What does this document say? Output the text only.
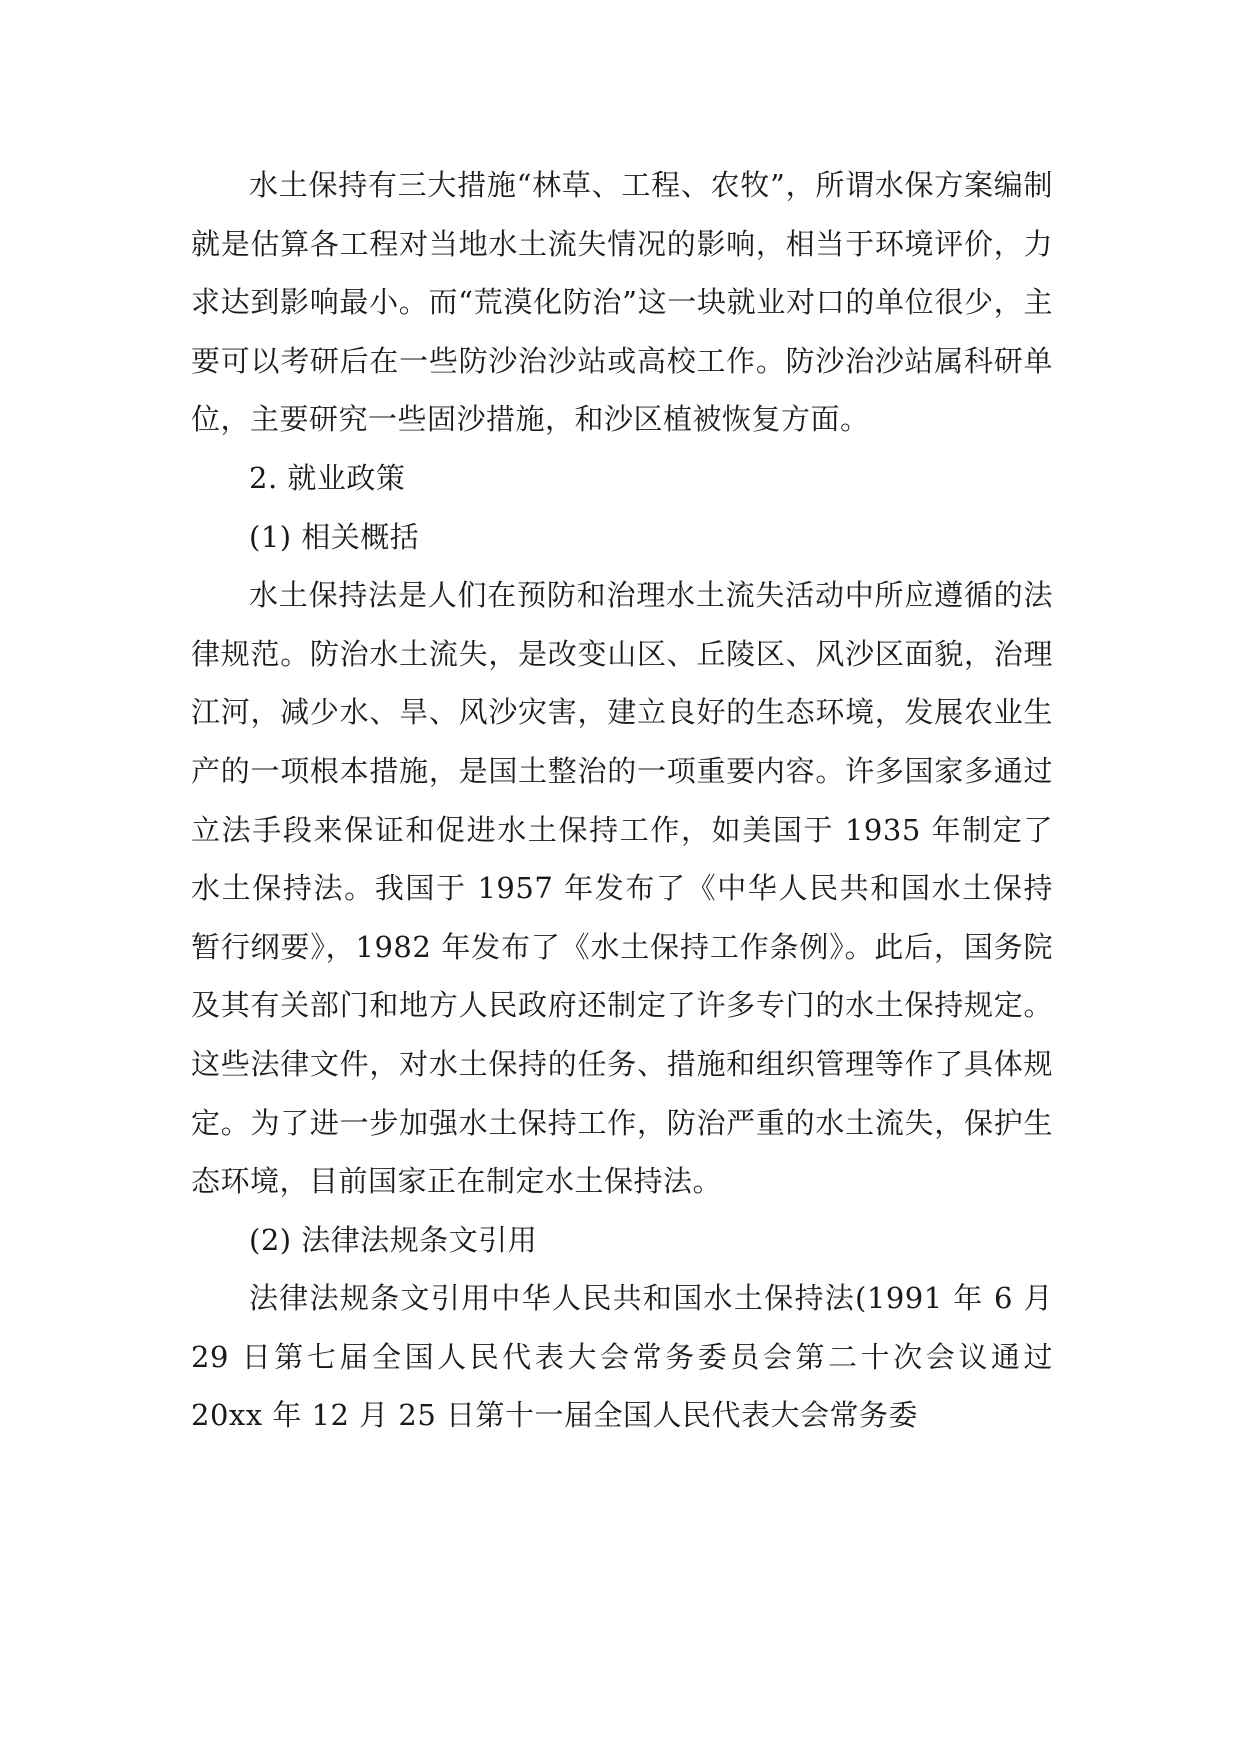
水土保持有三大措施“林草、工程、农牧”，所谓水保方案编制就是估算各工程对当地水土流失情况的影响，相当于环境评价，力求达到影响最小。而“荒漠化防治”这一块就业对口的单位很少，主要可以考研后在一些防沙治沙站或高校工作。防沙治沙站属科研单位，主要研究一些固沙措施，和沙区植被恢复方面。

2. 就业政策

(1) 相关概括

水土保持法是人们在预防和治理水土流失活动中所应遵循的法律规范。防治水土流失，是改变山区、丘陵区、风沙区面貌，治理江河，减少水、旱、风沙灾害，建立良好的生态环境，发展农业生产的一项根本措施，是国土整治的一项重要内容。许多国家多通过立法手段来保证和促进水土保持工作，如美国于 1935 年制定了水土保持法。我国于 1957 年发布了《中华人民共和国水土保持暂行纲要》，1982 年发布了《水土保持工作条例》。此后，国务院及其有关部门和地方人民政府还制定了许多专门的水土保持规定。这些法律文件，对水土保持的任务、措施和组织管理等作了具体规定。为了进一步加强水土保持工作，防治严重的水土流失，保护生态环境，目前国家正在制定水土保持法。

(2) 法律法规条文引用

法律法规条文引用中华人民共和国水土保持法(1991 年 6 月 29 日第七届全国人民代表大会常务委员会第二十次会议通过 20xx 年 12 月 25 日第十一届全国人民代表大会常务委
